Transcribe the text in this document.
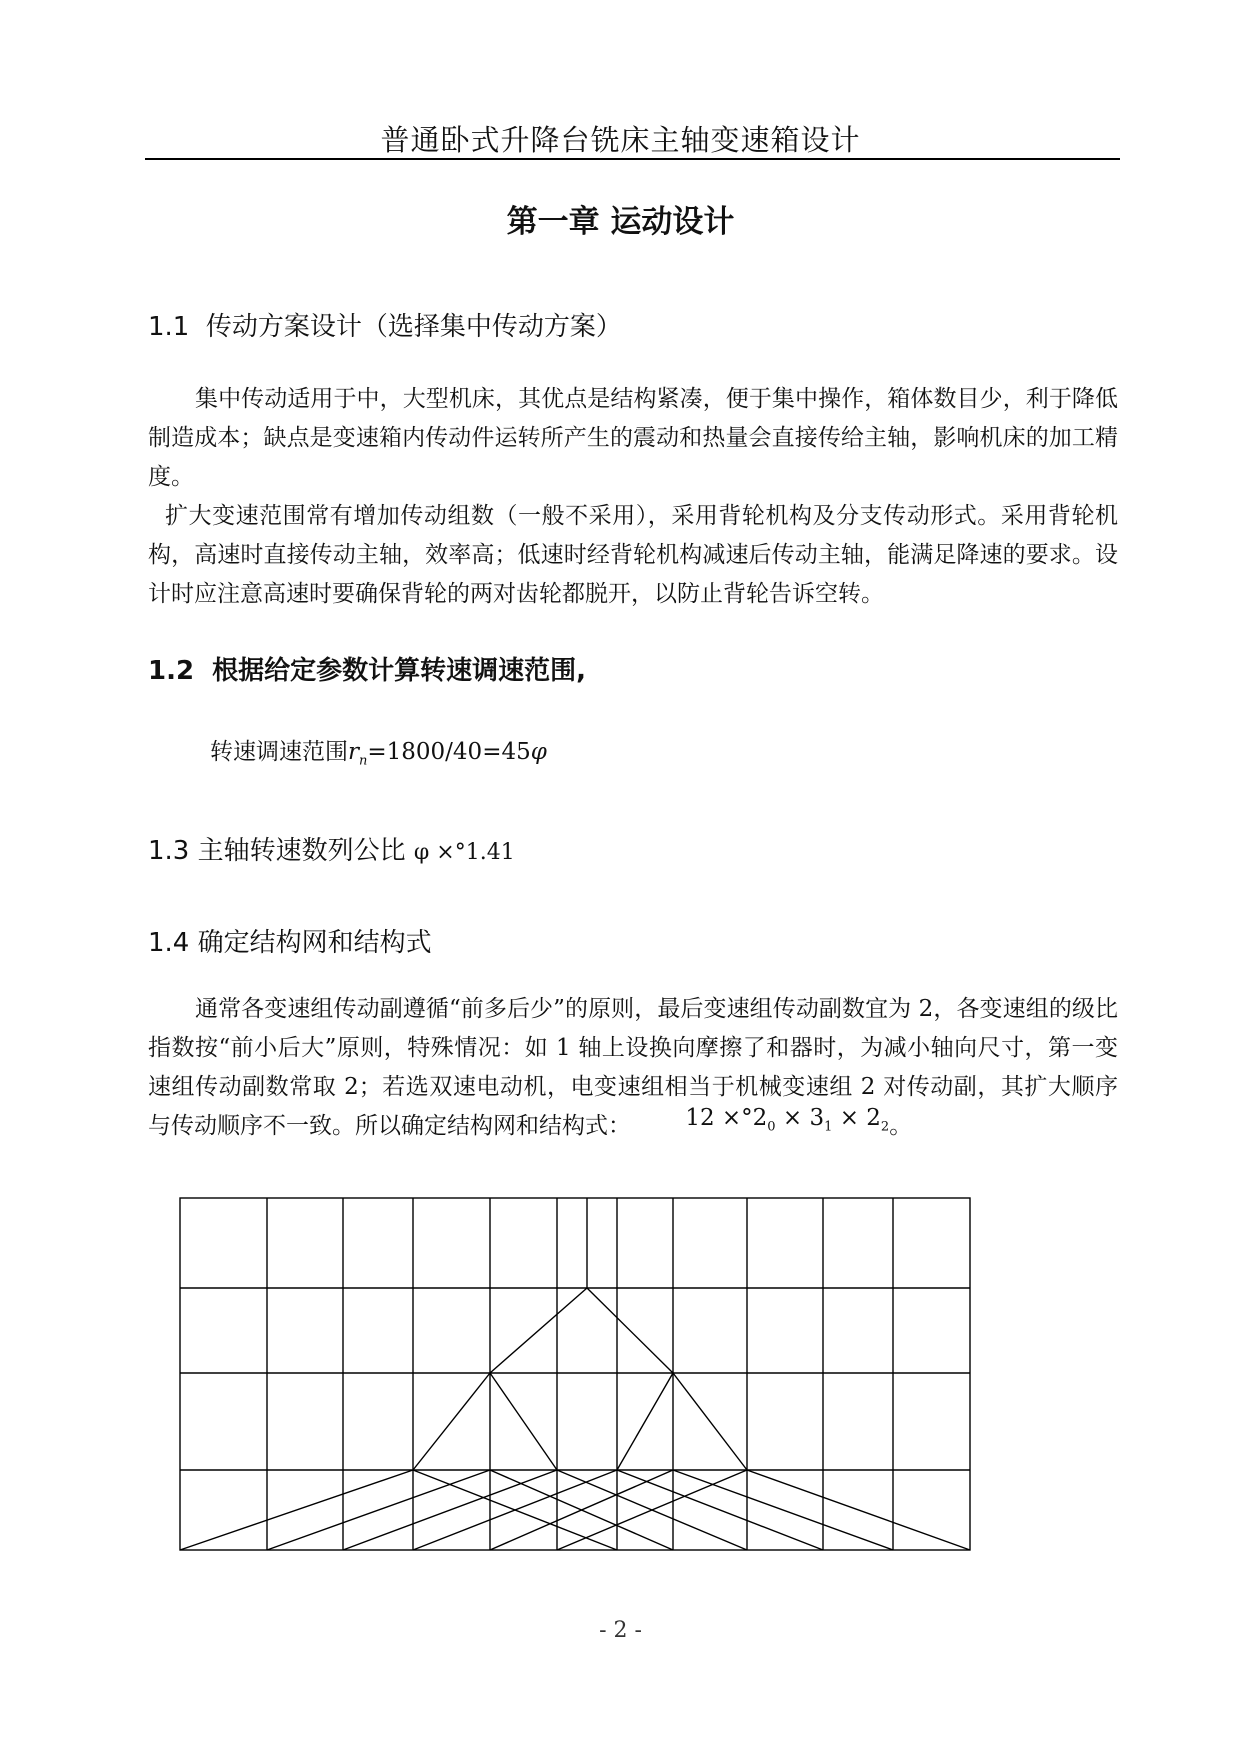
普通卧式升降台铣床主轴变速箱设计
第一章 运动设计
1.1 传动方案设计（选择集中传动方案）
集中传动适用于中，大型机床，其优点是结构紧凑，便于集中操作，箱体数目少，利于降低制造成本；缺点是变速箱内传动件运转所产生的震动和热量会直接传给主轴，影响机床的加工精度。
扩大变速范围常有增加传动组数（一般不采用），采用背轮机构及分支传动形式。采用背轮机构，高速时直接传动主轴，效率高；低速时经背轮机构减速后传动主轴，能满足降速的要求。设计时应注意高速时要确保背轮的两对齿轮都脱开，以防止背轮告诉空转。
1.2 根据给定参数计算转速调速范围,
转速调速范围$r_n=1800/40=45\varphi$
1.3 主轴转速数列公比 φ ×°1.41
1.4 确定结构网和结构式
通常各变速组传动副遵循“前多后少”的原则，最后变速组传动副数宜为 2，各变速组的级比指数按“前小后大”原则，特殊情况：如 1 轴上设换向摩擦了和器时，为减小轴向尺寸，第一变速组传动副数常取 2；若选双速电动机，电变速组相当于机械变速组 2 对传动副，其扩大顺序与传动顺序不一致。所以确定结构网和结构式： $12 \times^\circ 2_0 \times 3_1 \times 2_2$。
- 2 -
